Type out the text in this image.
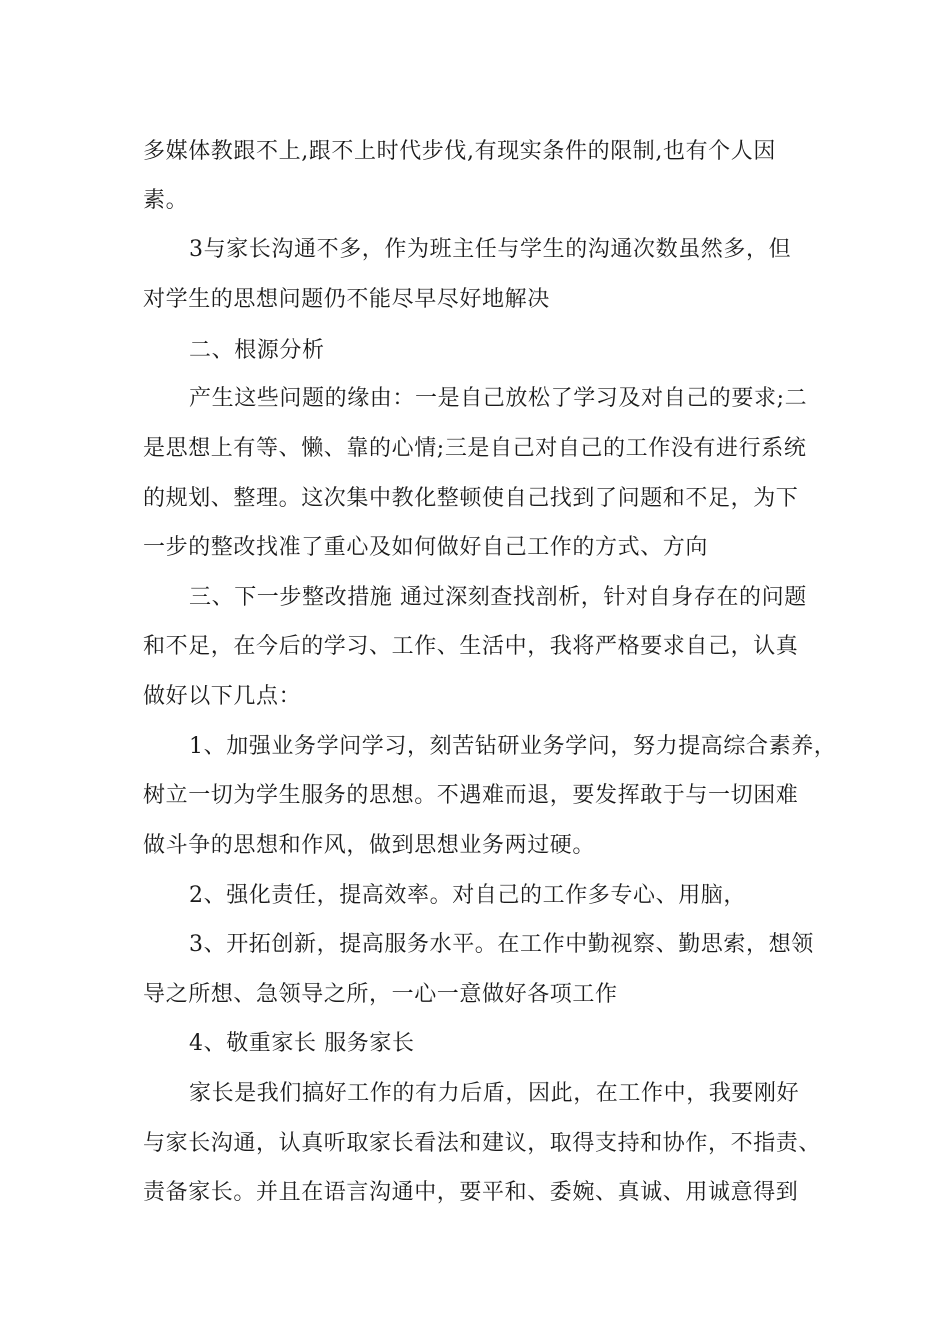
多媒体教跟不上,跟不上时代步伐,有现实条件的限制,也有个人因
素。
3与家长沟通不多，作为班主任与学生的沟通次数虽然多，但
对学生的思想问题仍不能尽早尽好地解决
二、根源分析
产生这些问题的缘由：一是自己放松了学习及对自己的要求;二
是思想上有等、懒、靠的心情;三是自己对自己的工作没有进行系统
的规划、整理。这次集中教化整顿使自己找到了问题和不足，为下
一步的整改找准了重心及如何做好自己工作的方式、方向
三、下一步整改措施 通过深刻查找剖析，针对自身存在的问题
和不足，在今后的学习、工作、生活中，我将严格要求自己，认真
做好以下几点：
1、加强业务学问学习，刻苦钻研业务学问，努力提高综合素养，
树立一切为学生服务的思想。不遇难而退，要发挥敢于与一切困难
做斗争的思想和作风，做到思想业务两过硬。
2、强化责任，提高效率。对自己的工作多专心、用脑，
3、开拓创新，提高服务水平。在工作中勤视察、勤思索，想领
导之所想、急领导之所，一心一意做好各项工作
4、敬重家长 服务家长
家长是我们搞好工作的有力后盾，因此，在工作中，我要刚好
与家长沟通，认真听取家长看法和建议，取得支持和协作，不指责、
责备家长。并且在语言沟通中，要平和、委婉、真诚、用诚意得到
